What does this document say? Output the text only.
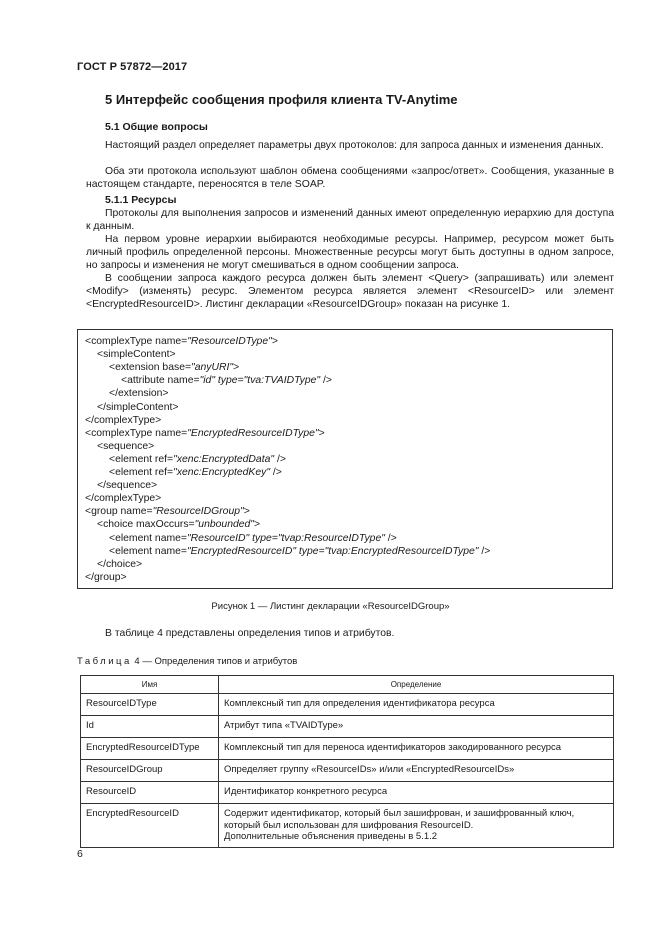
ГОСТ Р 57872—2017
5 Интерфейс сообщения профиля клиента TV-Anytime
5.1 Общие вопросы

Настоящий раздел определяет параметры двух протоколов: для запроса данных и изменения данных.

Оба эти протокола используют шаблон обмена сообщениями «запрос/ответ». Сообщения, указанные в настоящем стандарте, переносятся в теле SOAP.

5.1.1 Ресурсы

Протоколы для выполнения запросов и изменений данных имеют определенную иерархию для доступа к данным.

На первом уровне иерархии выбираются необходимые ресурсы. Например, ресурсом может быть личный профиль определенной персоны. Множественные ресурсы могут быть доступны в одном запросе, но запросы и изменения не могут смешиваться в одном сообщении запроса.

В сообщении запроса каждого ресурса должен быть элемент <Query> (запрашивать) или элемент <Modify> (изменять) ресурс. Элементом ресурса является элемент <ResourceID> или элемент <EncryptedResourceID>. Листинг декларации «ResourceIDGroup» показан на рисунке 1.

<complexType name="ResourceIDType">
<simpleContent>
<extension base="anyURI">
<attribute name="id" type="tva:TVAIDType" />
</extension>
</simpleContent>
</complexType>
<complexType name="EncryptedResourceIDType">
<sequence>
<element ref="xenc:EncryptedData" />
<element ref="xenc:EncryptedKey" />
</sequence>
</complexType>
<group name="ResourceIDGroup">
<choice maxOccurs="unbounded">
<element name="ResourceID" type="tvap:ResourceIDType" />
<element name="EncryptedResourceID" type="tvap:EncryptedResourceIDType" />
</choice>
</group>
Рисунок 1 — Листинг декларации «ResourceIDGroup»
В таблице 4 представлены определения типов и атрибутов.
Таблица 4 — Определения типов и атрибутов
Имя	Определение
ResourceIDType	Комплексный тип для определения идентификатора ресурса
Id	Атрибут типа «TVAIDType»
EncryptedResourceIDType	Комплексный тип для переноса идентификаторов закодированного ресурса
ResourceIDGroup	Определяет группу «ResourceIDs» и/или «EncryptedResourceIDs»
ResourceID	Идентификатор конкретного ресурса
EncryptedResourceID	Содержит идентификатор, который был зашифрован, и зашифрованный ключ, который был использован для шифрования ResourceID.
Дополнительные объяснения приведены в 5.1.2
6
